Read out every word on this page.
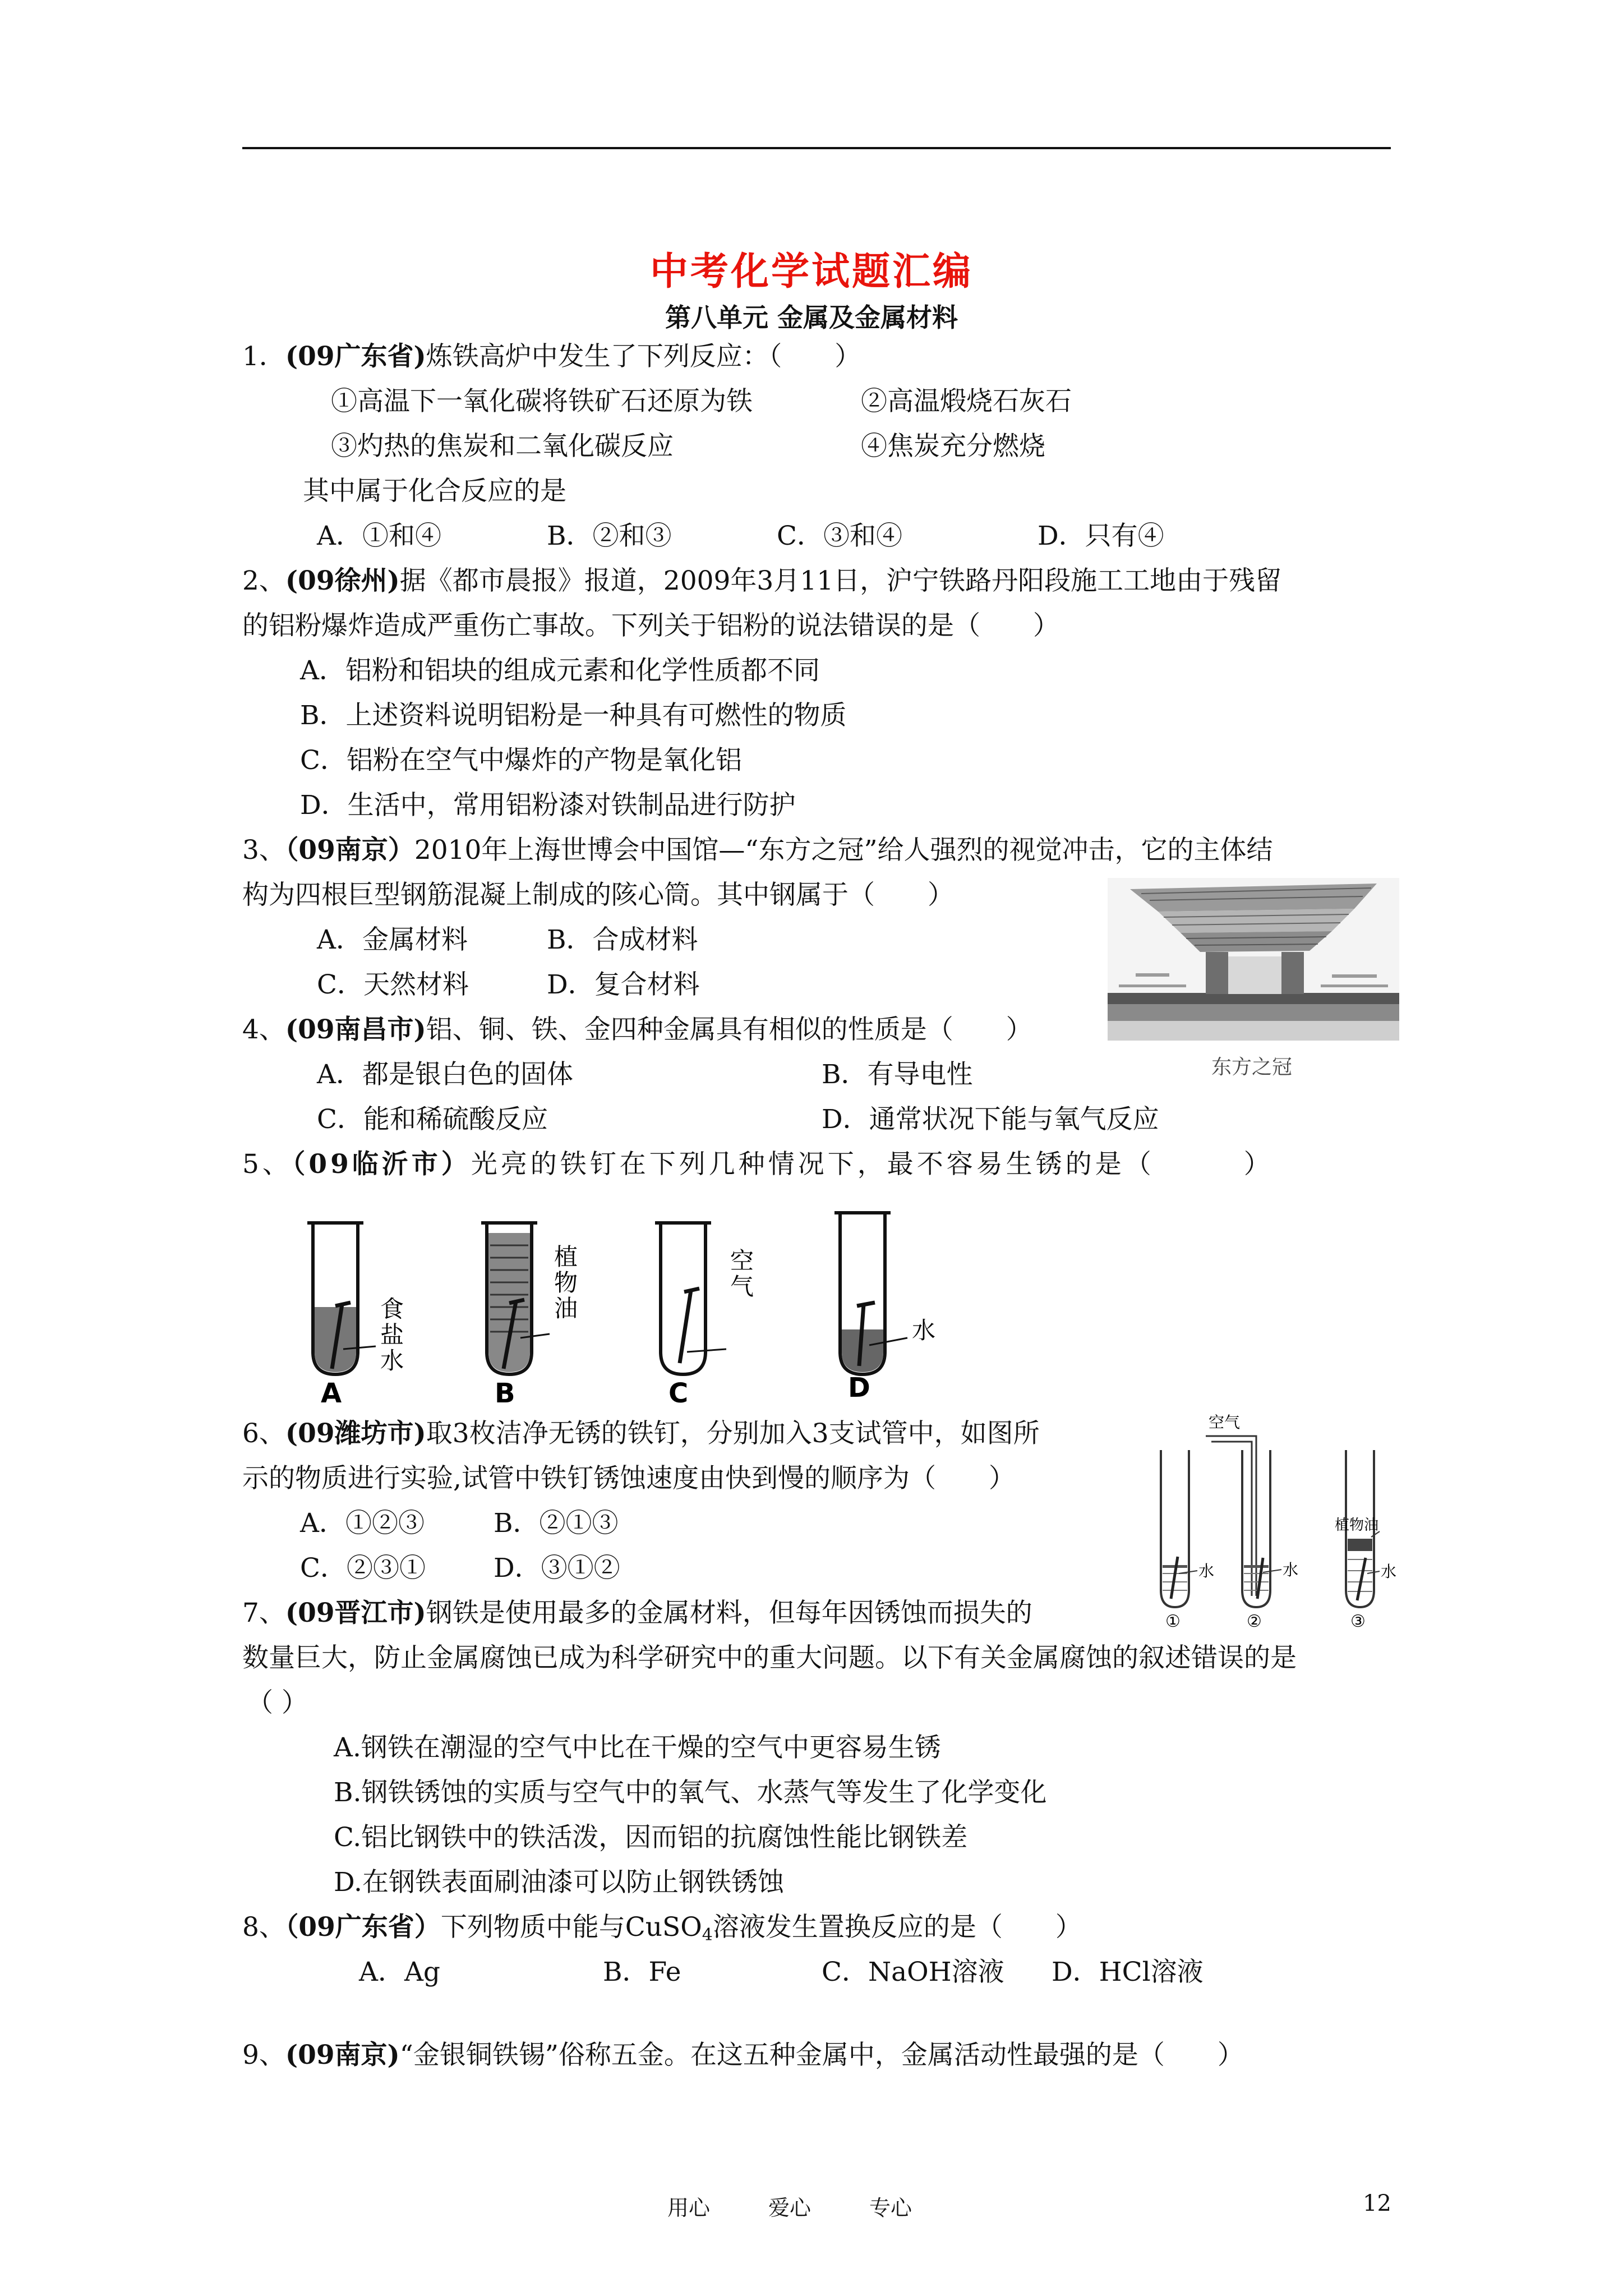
中考化学试题汇编
第八单元 金属及金属材料
1．(09广东省)炼铁高炉中发生了下列反应：（　　）
①高温下一氧化碳将铁矿石还原为铁	②高温煅烧石灰石
③灼热的焦炭和二氧化碳反应	④焦炭充分燃烧
其中属于化合反应的是
A．①和④	B．②和③	C．③和④	D．只有④
2、(09徐州)据《都市晨报》报道，2009年3月11日，沪宁铁路丹阳段施工工地由于残留
的铝粉爆炸造成严重伤亡事故。下列关于铝粉的说法错误的是（　　）
A．铝粉和铝块的组成元素和化学性质都不同
B．上述资料说明铝粉是一种具有可燃性的物质
C．铝粉在空气中爆炸的产物是氧化铝
D．生活中，常用铝粉漆对铁制品进行防护
3、（09南京）2010年上海世博会中国馆—“东方之冠”给人强烈的视觉冲击，它的主体结
构为四根巨型钢筋混凝上制成的陔心筒。其中钢属于（　　）
A．金属材料	B．合成材料
C．天然材料	D．复合材料
东方之冠
4、(09南昌市)铝、铜、铁、金四种金属具有相似的性质是（　　）
A．都是银白色的固体	B．有导电性
C．能和稀硫酸反应	D．通常状况下能与氧气反应
5、（09临沂市）光亮的铁钉在下列几种情况下，最不容易生锈的是（　　　）
食
盐
水
A
植
物
油
B
空
气
C
水
D
6、(09潍坊市)取3枚洁净无锈的铁钉，分别加入3支试管中，如图所
示的物质进行实验,试管中铁钉锈蚀速度由快到慢的顺序为（　　）
A．①②③	B．②①③
C．②③①	D．③①②	水
①
空气
水
②
植物油
水
③
7、(09晋江市)钢铁是使用最多的金属材料，但每年因锈蚀而损失的
数量巨大，防止金属腐蚀已成为科学研究中的重大问题。以下有关金属腐蚀的叙述错误的是
（ ）
A.钢铁在潮湿的空气中比在干燥的空气中更容易生锈
B.钢铁锈蚀的实质与空气中的氧气、水蒸气等发生了化学变化
C.铝比钢铁中的铁活泼，因而铝的抗腐蚀性能比钢铁差
D.在钢铁表面刷油漆可以防止钢铁锈蚀
8、（09广东省）下列物质中能与CuSO$_4$溶液发生置换反应的是（　　）
A．Ag	B．Fe	C．NaOH溶液 D．HCl溶液
9、(09南京)“金银铜铁锡”俗称五金。在这五种金属中，金属活动性最强的是（　　）
用心	爱心	专心	12
